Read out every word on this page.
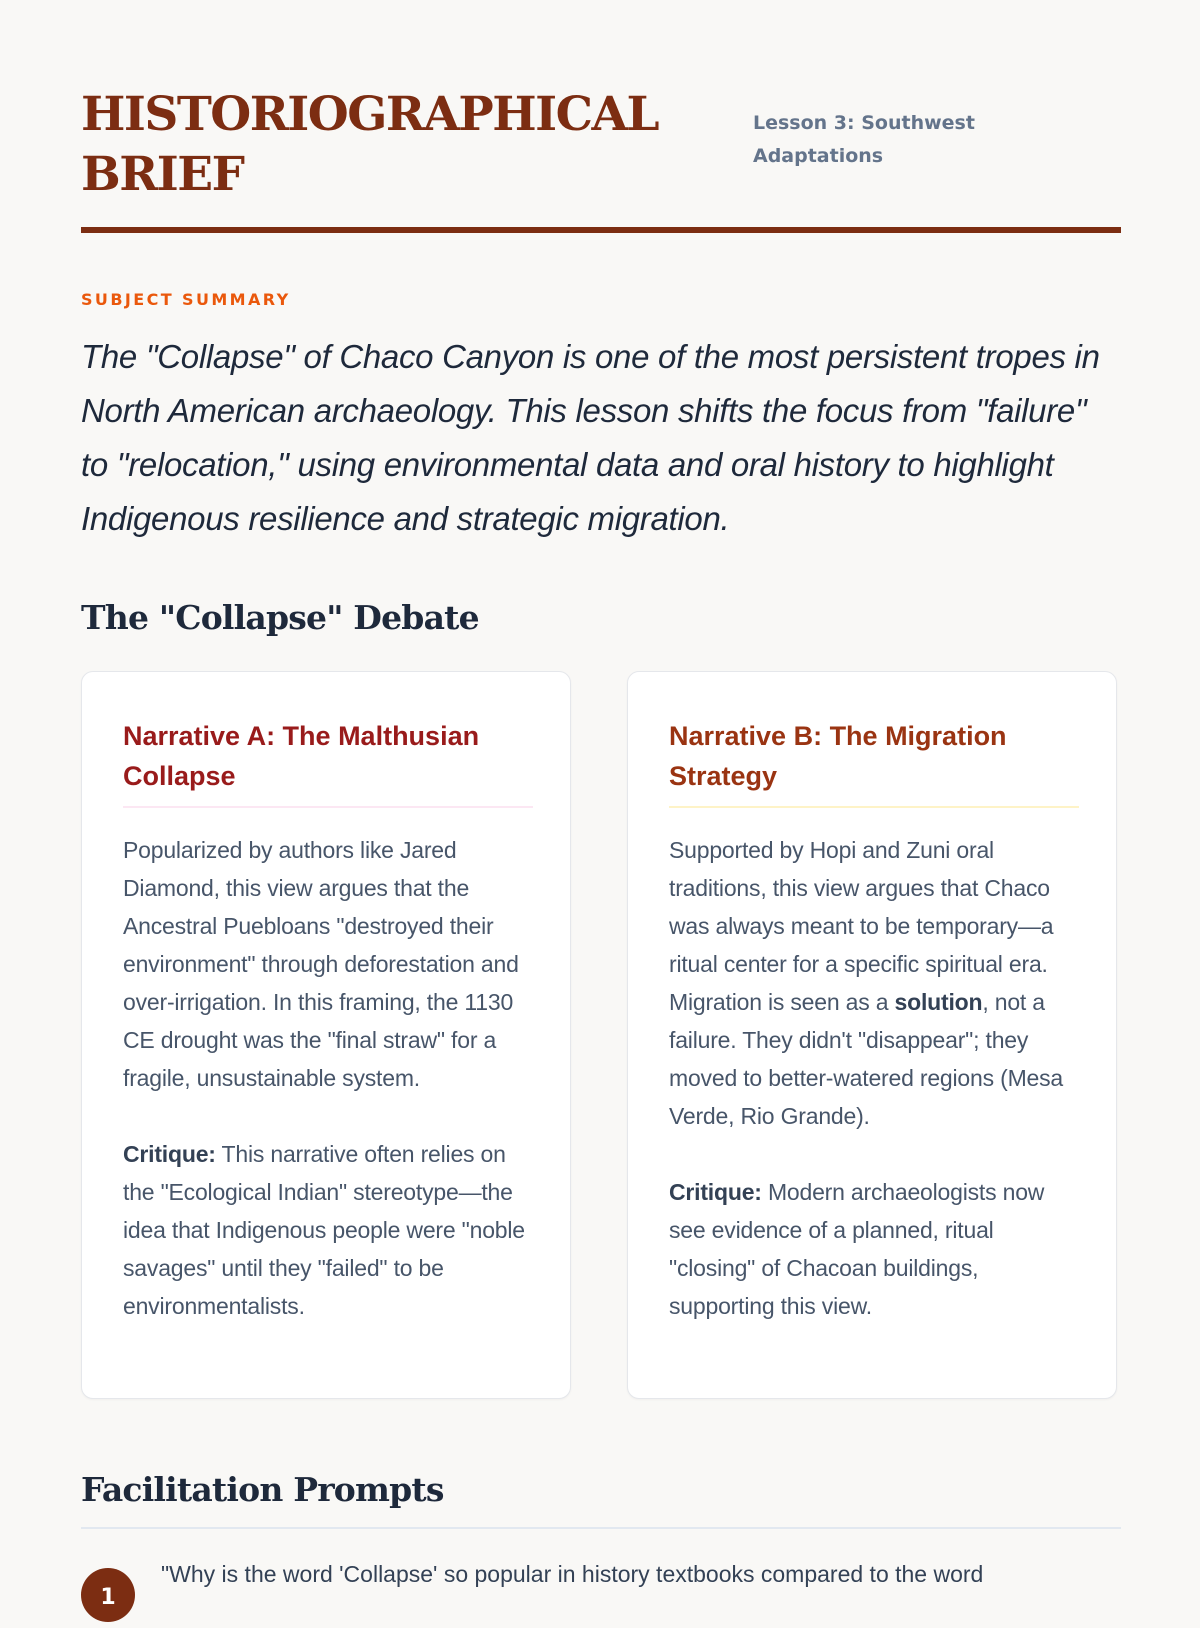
HISTORIOGRAPHICAL BRIEF
Lesson 3: Southwest Adaptations
SUBJECT SUMMARY

The "Collapse" of Chaco Canyon is one of the most persistent tropes in North American archaeology. This lesson shifts the focus from "failure" to "relocation," using environmental data and oral history to highlight Indigenous resilience and strategic migration.

The "Collapse" Debate
Narrative A: The Malthusian Collapse

Popularized by authors like Jared Diamond, this view argues that the Ancestral Puebloans "destroyed their environment" through deforestation and over-irrigation. In this framing, the 1130 CE drought was the "final straw" for a fragile, unsustainable system.

Critique: This narrative often relies on the "Ecological Indian" stereotype—the idea that Indigenous people were "noble savages" until they "failed" to be environmentalists.

Narrative B: The Migration Strategy

Supported by Hopi and Zuni oral traditions, this view argues that Chaco was always meant to be temporary—a ritual center for a specific spiritual era. Migration is seen as a solution, not a failure. They didn't "disappear"; they moved to better-watered regions (Mesa Verde, Rio Grande).

Critique: Modern archaeologists now see evidence of a planned, ritual "closing" of Chacoan buildings, supporting this view.

Facilitation Prompts
1
"Why is the word 'Collapse' so popular in history textbooks compared to the word
